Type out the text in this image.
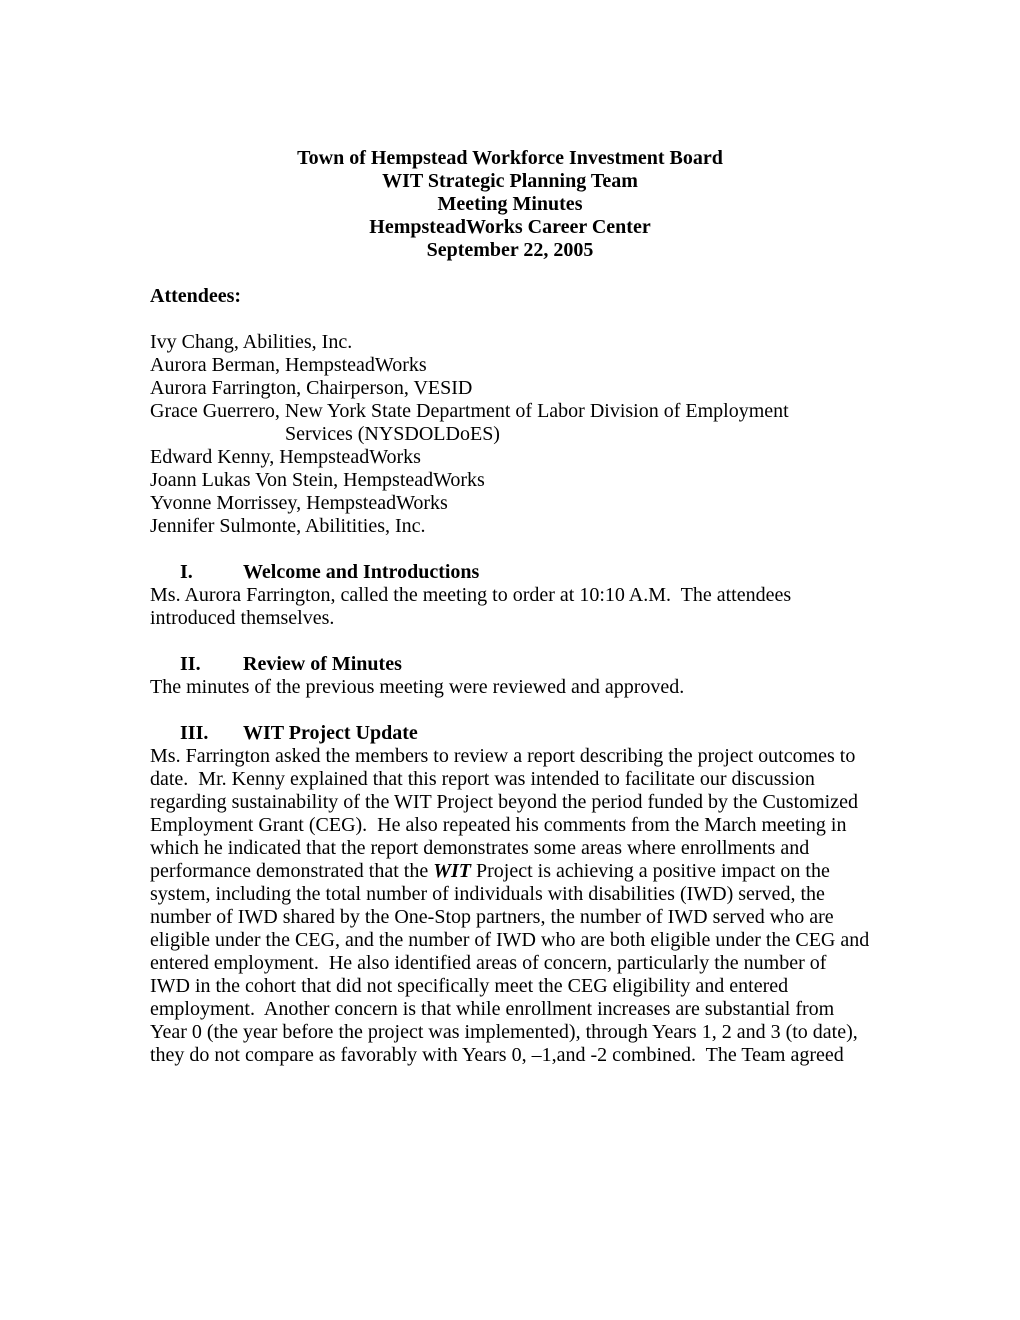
Town of Hempstead Workforce Investment Board
WIT Strategic Planning Team
Meeting Minutes
HempsteadWorks Career Center
September 22, 2005
Attendees:
Ivy Chang, Abilities, Inc.
Aurora Berman, HempsteadWorks
Aurora Farrington, Chairperson, VESID
Grace Guerrero, New York State Department of Labor Division of Employment
Services (NYSDOLDoES)
Edward Kenny, HempsteadWorks
Joann Lukas Von Stein, HempsteadWorks
Yvonne Morrissey, HempsteadWorks
Jennifer Sulmonte, Abilitities, Inc.
I.	Welcome and Introductions

Ms. Aurora Farrington, called the meeting to order at 10:10 A.M.  The attendees introduced themselves.

II. Review of Minutes

The minutes of the previous meeting were reviewed and approved.

III. WIT Project Update

Ms. Farrington asked the members to review a report describing the project outcomes to date.  Mr. Kenny explained that this report was intended to facilitate our discussion regarding sustainability of the WIT Project beyond the period funded by the Customized Employment Grant (CEG).  He also repeated his comments from the March meeting in which he indicated that the report demonstrates some areas where enrollments and performance demonstrated that the WIT Project is achieving a positive impact on the system, including the total number of individuals with disabilities (IWD) served, the number of IWD shared by the One-Stop partners, the number of IWD served who are eligible under the CEG, and the number of IWD who are both eligible under the CEG and entered employment.  He also identified areas of concern, particularly the number of IWD in the cohort that did not specifically meet the CEG eligibility and entered employment.  Another concern is that while enrollment increases are substantial from Year 0 (the year before the project was implemented), through Years 1, 2 and 3 (to date), they do not compare as favorably with Years 0, –1,and -2 combined.  The Team agreed
